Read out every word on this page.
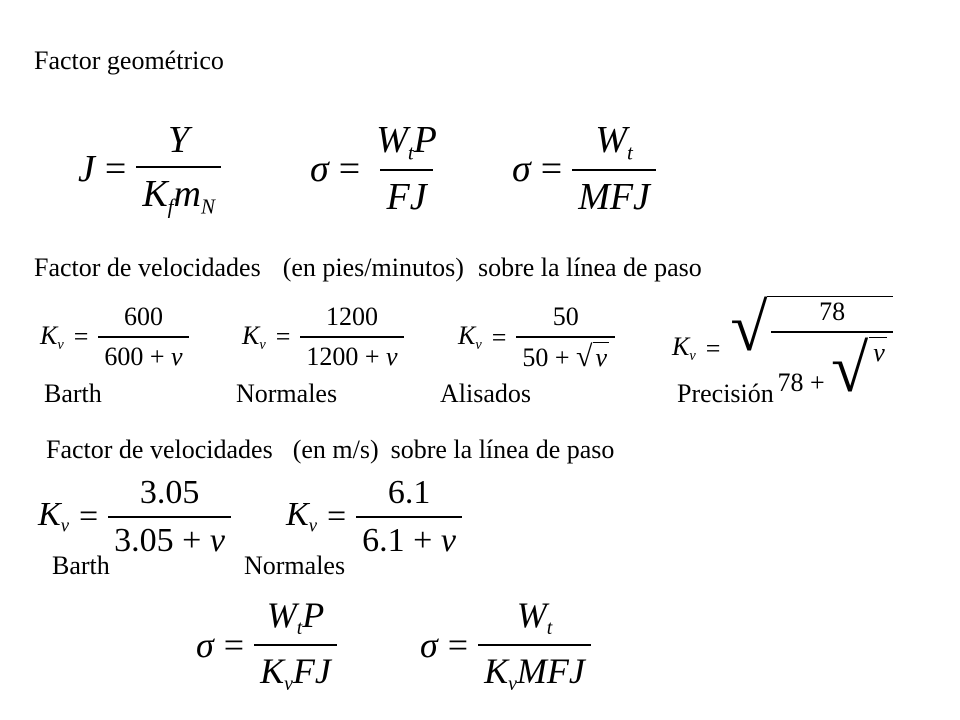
Factor geométrico
$J = \frac{Y}{K_fm_N}$ $\sigma = \frac{W_tP}{FJ}$ $\sigma = \frac{W_t}{\text{MFJ}}$
Factor de velocidades (en pies/minutos) sobre la línea de paso
$K_v = \frac{600}{600 + v} K_v = \frac{1200}{1200 + v} K_v = \frac{50}{50 + √ v} K_v$ = √ $\frac{78}{78 + √ v}$
Barth	Normales	Alisados	Precisión
Factor de velocidades (en m/s) sobre la línea de paso
$K_v = \frac{3.05}{3.05 + v} K_v = \frac{6.1}{6.1 + v}$
Barth	Normales
$\sigma = \frac{W_tP}{K_vFJ}$ $\sigma = \frac{W_t}{K_vMFJ}$
